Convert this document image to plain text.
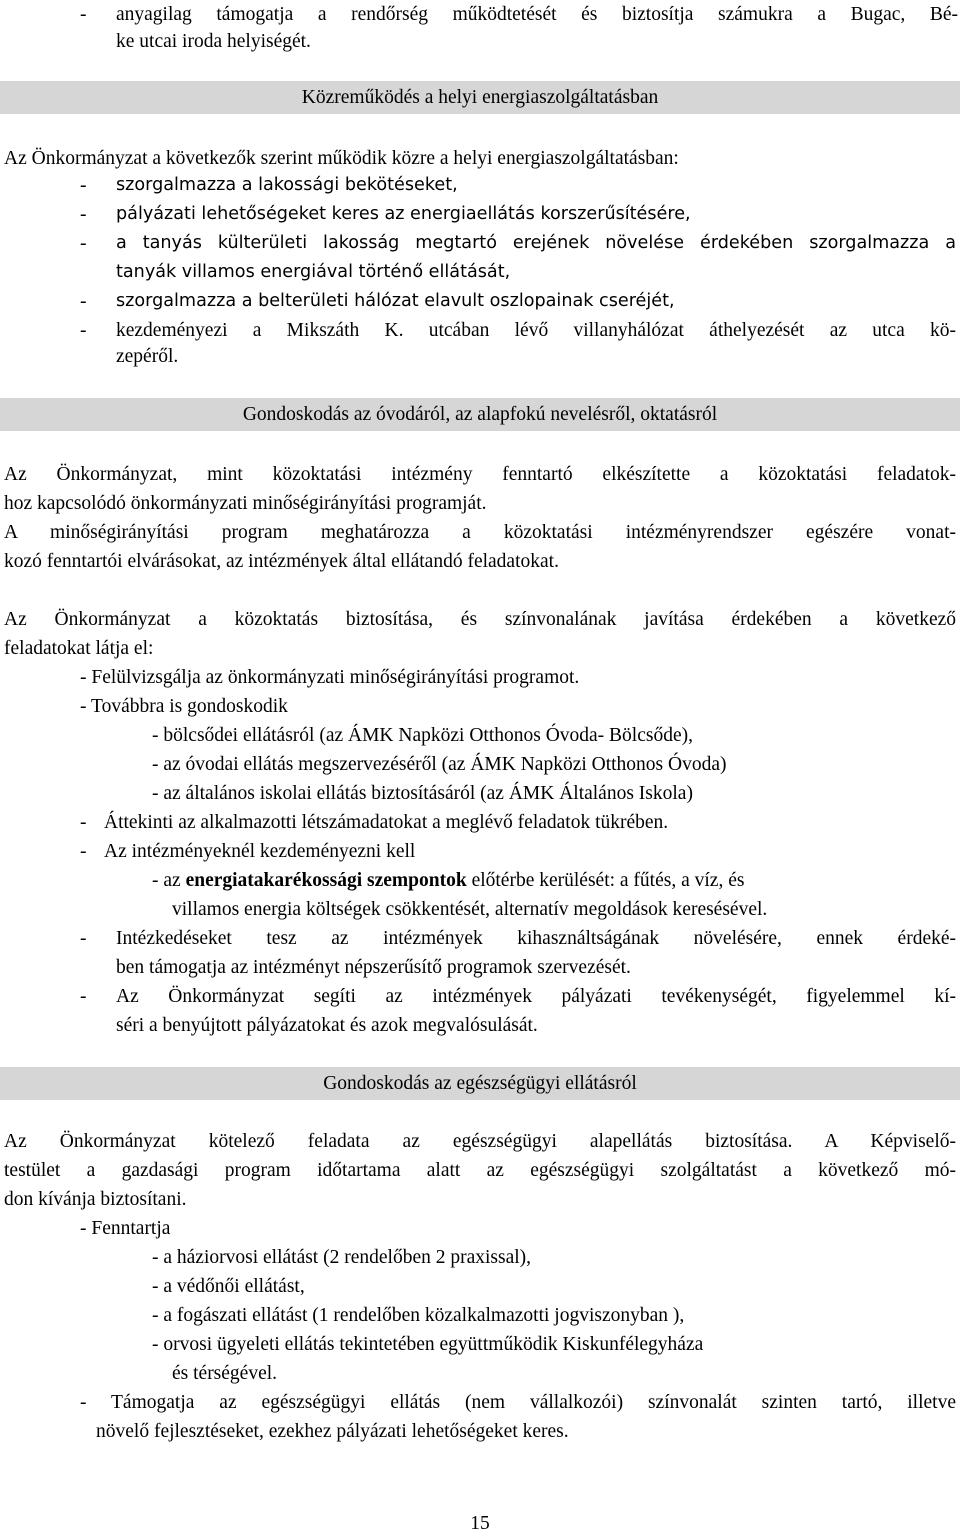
- anyagilag támogatja a rendőrség működtetését és biztosítja számukra a Bugac, Bé-
ke utcai iroda helyiségét.
Közreműködés a helyi energiaszolgáltatásban
Az Önkormányzat a következők szerint működik közre a helyi energiaszolgáltatásban:
- szorgalmazza a lakossági bekötéseket,
- pályázati lehetőségeket keres az energiaellátás korszerűsítésére,
- a tanyás külterületi lakosság megtartó erejének növelése érdekében szorgalmazza a
tanyák villamos energiával történő ellátását,
- szorgalmazza a belterületi hálózat elavult oszlopainak cseréjét,
- kezdeményezi a Mikszáth K. utcában lévő villanyhálózat áthelyezését az utca kö-
zepéről.
Gondoskodás az óvodáról, az alapfokú nevelésről, oktatásról
Az Önkormányzat, mint közoktatási intézmény fenntartó elkészítette a közoktatási feladatok-
hoz kapcsolódó önkormányzati minőségirányítási programját.
A minőségirányítási program meghatározza a közoktatási intézményrendszer egészére vonat-
kozó fenntartói elvárásokat, az intézmények által ellátandó feladatokat.
Az Önkormányzat a közoktatás biztosítása, és színvonalának javítása érdekében a következő
feladatokat látja el:
- Felülvizsgálja az önkormányzati minőségirányítási programot.
- Továbbra is gondoskodik
- bölcsődei ellátásról (az ÁMK Napközi Otthonos Óvoda- Bölcsőde),
- az óvodai ellátás megszervezéséről (az ÁMK Napközi Otthonos Óvoda)
- az általános iskolai ellátás biztosításáról (az ÁMK Általános Iskola)
- Áttekinti az alkalmazotti létszámadatokat a meglévő feladatok tükrében.
- Az intézményeknél kezdeményezni kell
- az energiatakarékossági szempontok előtérbe kerülését: a fűtés, a víz, és
villamos energia költségek csökkentését, alternatív megoldások keresésével.
- Intézkedéseket tesz az intézmények kihasználtságának növelésére, ennek érdeké-
ben támogatja az intézményt népszerűsítő programok szervezését.
- Az Önkormányzat segíti az intézmények pályázati tevékenységét, figyelemmel kí-
séri a benyújtott pályázatokat és azok megvalósulását.
Gondoskodás az egészségügyi ellátásról
Az Önkormányzat kötelező feladata az egészségügyi alapellátás biztosítása. A Képviselő-
testület a gazdasági program időtartama alatt az egészségügyi szolgáltatást a következő mó-
don kívánja biztosítani.
- Fenntartja
- a háziorvosi ellátást (2 rendelőben 2 praxissal),
- a védőnői ellátást,
- a fogászati ellátást (1 rendelőben közalkalmazotti jogviszonyban ),
- orvosi ügyeleti ellátás tekintetében együttműködik Kiskunfélegyháza
és térségével.
- Támogatja az egészségügyi ellátás (nem vállalkozói) színvonalát szinten tartó, illetve
növelő fejlesztéseket, ezekhez pályázati lehetőségeket keres.
15
